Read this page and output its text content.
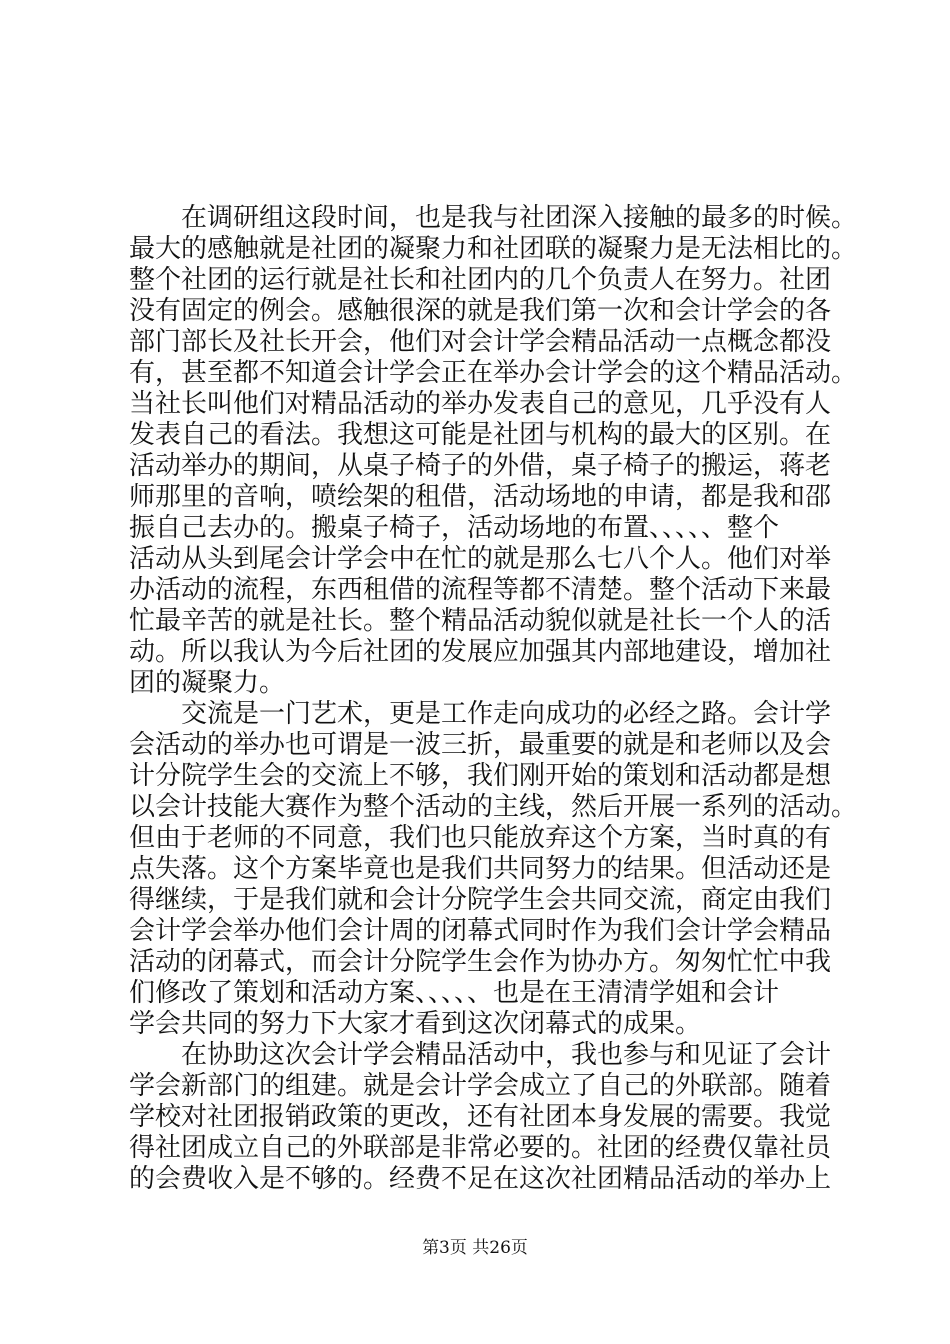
　　在调研组这段时间，也是我与社团深入接触的最多的时候。
最大的感触就是社团的凝聚力和社团联的凝聚力是无法相比的。
整个社团的运行就是社长和社团内的几个负责人在努力。社团
没有固定的例会。感触很深的就是我们第一次和会计学会的各
部门部长及社长开会，他们对会计学会精品活动一点概念都没
有，甚至都不知道会计学会正在举办会计学会的这个精品活动。
当社长叫他们对精品活动的举办发表自己的意见，几乎没有人
发表自己的看法。我想这可能是社团与机构的最大的区别。在
活动举办的期间，从桌子椅子的外借，桌子椅子的搬运，蒋老
师那里的音响，喷绘架的租借，活动场地的申请，都是我和邵
振自己去办的。搬桌子椅子，活动场地的布置、、、、、整个
活动从头到尾会计学会中在忙的就是那么七八个人。他们对举
办活动的流程，东西租借的流程等都不清楚。整个活动下来最
忙最辛苦的就是社长。整个精品活动貌似就是社长一个人的活
动。所以我认为今后社团的发展应加强其内部地建设，增加社
团的凝聚力。
　　交流是一门艺术，更是工作走向成功的必经之路。会计学
会活动的举办也可谓是一波三折，最重要的就是和老师以及会
计分院学生会的交流上不够，我们刚开始的策划和活动都是想
以会计技能大赛作为整个活动的主线，然后开展一系列的活动。
但由于老师的不同意，我们也只能放弃这个方案，当时真的有
点失落。这个方案毕竟也是我们共同努力的结果。但活动还是
得继续，于是我们就和会计分院学生会共同交流，商定由我们
会计学会举办他们会计周的闭幕式同时作为我们会计学会精品
活动的闭幕式，而会计分院学生会作为协办方。匆匆忙忙中我
们修改了策划和活动方案、、、、、也是在王清清学姐和会计
学会共同的努力下大家才看到这次闭幕式的成果。
　　在协助这次会计学会精品活动中，我也参与和见证了会计
学会新部门的组建。就是会计学会成立了自己的外联部。随着
学校对社团报销政策的更改，还有社团本身发展的需要。我觉
得社团成立自己的外联部是非常必要的。社团的经费仅靠社员
的会费收入是不够的。经费不足在这次社团精品活动的举办上
第3页 共26页
